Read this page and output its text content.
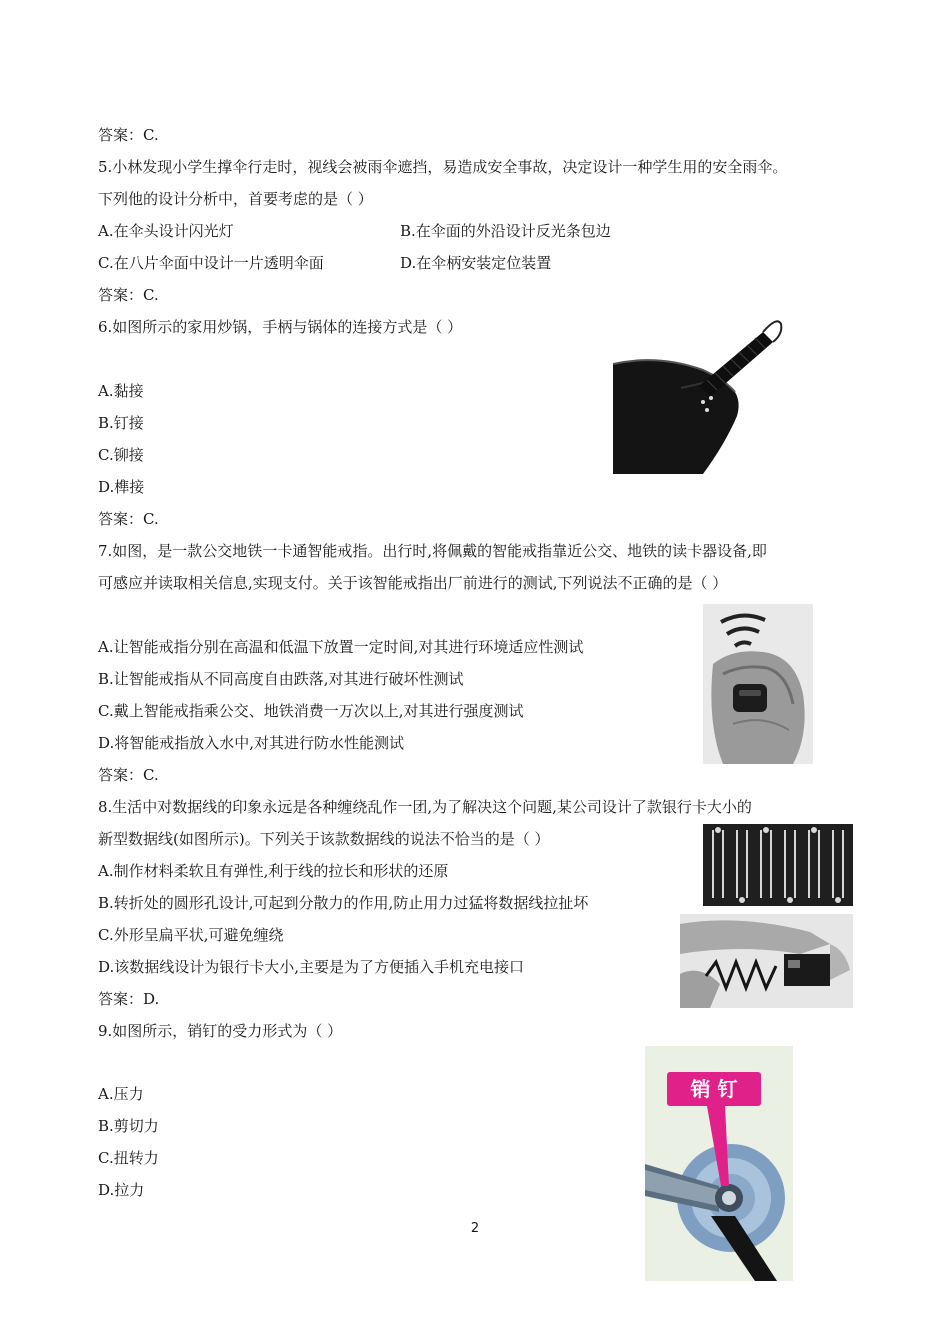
答案：C.
5.小林发现小学生撑伞行走时，视线会被雨伞遮挡，易造成安全事故，决定设计一种学生用的安全雨伞。
下列他的设计分析中，首要考虑的是（ ）
A.在伞头设计闪光灯	B.在伞面的外沿设计反光条包边
C.在八片伞面中设计一片透明伞面	D.在伞柄安装定位装置
答案：C.
6.如图所示的家用炒锅，手柄与锅体的连接方式是（ ）
A.黏接
B.钉接
C.铆接
D.榫接
答案：C.
7.如图，是一款公交地铁一卡通智能戒指。出行时,将佩戴的智能戒指靠近公交、地铁的读卡器设备,即
可感应并读取相关信息,实现支付。关于该智能戒指出厂前进行的测试,下列说法不正确的是（ ）
A.让智能戒指分别在高温和低温下放置一定时间,对其进行环境适应性测试
B.让智能戒指从不同高度自由跌落,对其进行破坏性测试
C.戴上智能戒指乘公交、地铁消费一万次以上,对其进行强度测试
D.将智能戒指放入水中,对其进行防水性能测试
答案：C.
8.生活中对数据线的印象永远是各种缠绕乱作一团,为了解决这个问题,某公司设计了款银行卡大小的
新型数据线(如图所示)。下列关于该款数据线的说法不恰当的是（ ）
A.制作材料柔软且有弹性,利于线的拉长和形状的还原
B.转折处的圆形孔设计,可起到分散力的作用,防止用力过猛将数据线拉扯坏
C.外形呈扁平状,可避免缠绕
D.该数据线设计为银行卡大小,主要是为了方便插入手机充电接口
答案：D.
9.如图所示，销钉的受力形式为（ ）
A.压力
B.剪切力
C.扭转力
D.拉力
2
销 钉
